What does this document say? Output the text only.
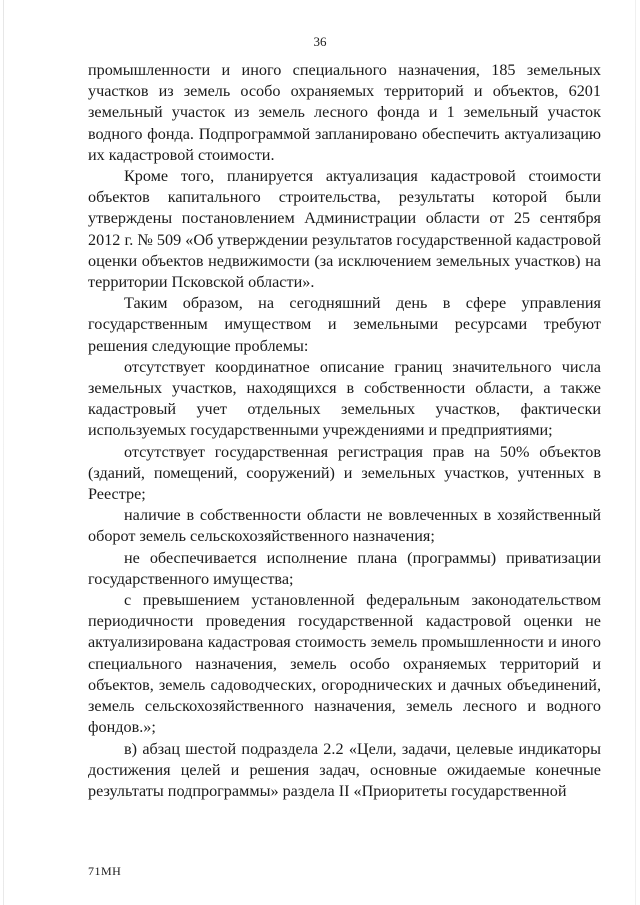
36

промышленности и иного специального назначения, 185 земельных участков из земель особо охраняемых территорий и объектов, 6201 земельный участок из земель лесного фонда и 1 земельный участок водного фонда. Подпрограммой запланировано обеспечить актуализацию их кадастровой стоимости.

Кроме того, планируется актуализация кадастровой стоимости объектов капитального строительства, результаты которой были утверждены постановлением Администрации области от 25 сентября 2012 г. № 509 «Об утверждении результатов государственной кадастровой оценки объектов недвижимости (за исключением земельных участков) на территории Псковской области».

Таким образом, на сегодняшний день в сфере управления государственным имуществом и земельными ресурсами требуют решения следующие проблемы:

отсутствует координатное описание границ значительного числа земельных участков, находящихся в собственности области, а также кадастровый учет отдельных земельных участков, фактически используемых государственными учреждениями и предприятиями;

отсутствует государственная регистрация прав на 50% объектов (зданий, помещений, сооружений) и земельных участков, учтенных в Реестре;

наличие в собственности области не вовлеченных в хозяйственный оборот земель сельскохозяйственного назначения;

не обеспечивается исполнение плана (программы) приватизации государственного имущества;

с превышением установленной федеральным законодательством периодичности проведения государственной кадастровой оценки не актуализирована кадастровая стоимость земель промышленности и иного специального назначения, земель особо охраняемых территорий и объектов, земель садоводческих, огороднических и дачных объединений, земель сельскохозяйственного назначения, земель лесного и водного фондов.»;

в) абзац шестой подраздела 2.2 «Цели, задачи, целевые индикаторы достижения целей и решения задач, основные ожидаемые конечные результаты подпрограммы» раздела II «Приоритеты государственной

71МН
